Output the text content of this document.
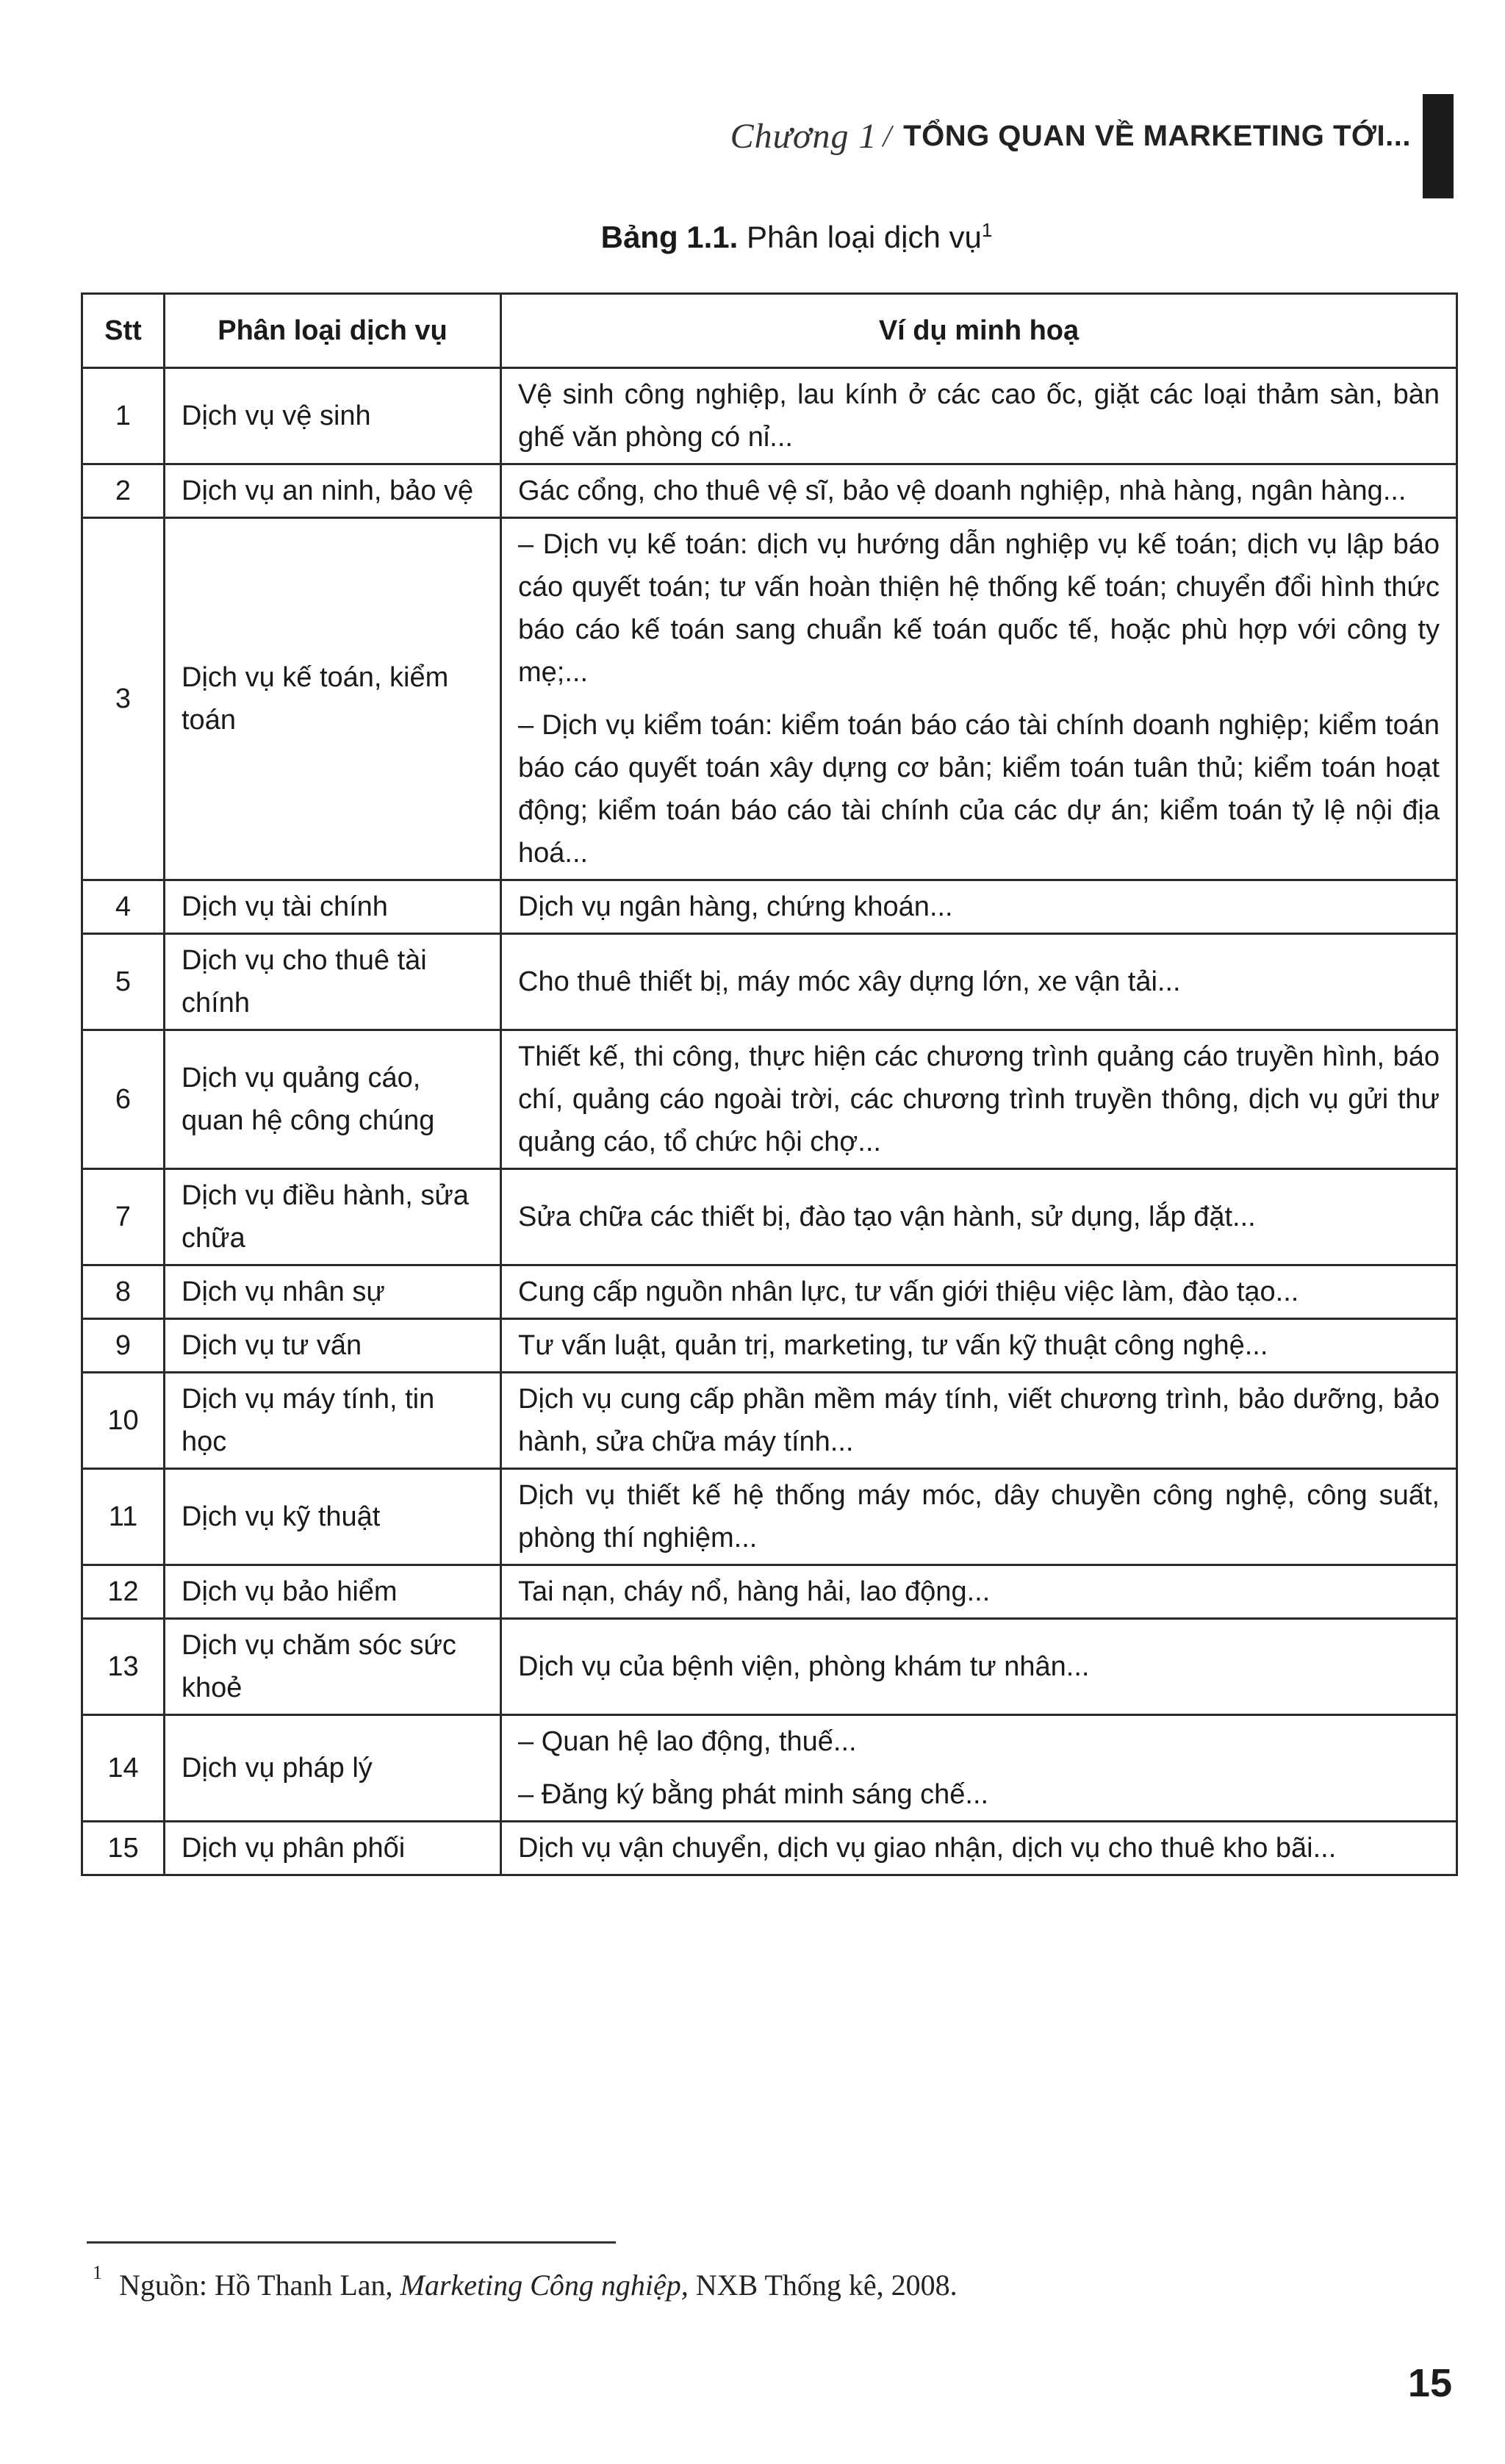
Chương 1 / TỔNG QUAN VỀ MARKETING TỚI...
Bảng 1.1. Phân loại dịch vụ$^1$
Stt	Phân loại dịch vụ	Ví dụ minh hoạ
1	Dịch vụ vệ sinh	Vệ sinh công nghiệp, lau kính ở các cao ốc, giặt các loại thảm sàn, bàn ghế văn phòng có nỉ...

2	Dịch vụ an ninh, bảo vệ	Gác cổng, cho thuê vệ sĩ, bảo vệ doanh nghiệp, nhà hàng, ngân hàng...

3	Dịch vụ kế toán, kiểm toán	– Dịch vụ kế toán: dịch vụ hướng dẫn nghiệp vụ kế toán; dịch vụ lập báo cáo quyết toán; tư vấn hoàn thiện hệ thống kế toán; chuyển đổi hình thức báo cáo kế toán sang chuẩn kế toán quốc tế, hoặc phù hợp với công ty mẹ;...
– Dịch vụ kiểm toán: kiểm toán báo cáo tài chính doanh nghiệp; kiểm toán báo cáo quyết toán xây dựng cơ bản; kiểm toán tuân thủ; kiểm toán hoạt động; kiểm toán báo cáo tài chính của các dự án; kiểm toán tỷ lệ nội địa hoá...

4	Dịch vụ tài chính	Dịch vụ ngân hàng, chứng khoán...

5	Dịch vụ cho thuê tài chính	Cho thuê thiết bị, máy móc xây dựng lớn, xe vận tải...

6	Dịch vụ quảng cáo, quan hệ công chúng	Thiết kế, thi công, thực hiện các chương trình quảng cáo truyền hình, báo chí, quảng cáo ngoài trời, các chương trình truyền thông, dịch vụ gửi thư quảng cáo, tổ chức hội chợ...

7	Dịch vụ điều hành, sửa chữa	Sửa chữa các thiết bị, đào tạo vận hành, sử dụng, lắp đặt...

8	Dịch vụ nhân sự	Cung cấp nguồn nhân lực, tư vấn giới thiệu việc làm, đào tạo...

9	Dịch vụ tư vấn	Tư vấn luật, quản trị, marketing, tư vấn kỹ thuật công nghệ...

10	Dịch vụ máy tính, tin học	Dịch vụ cung cấp phần mềm máy tính, viết chương trình, bảo dưỡng, bảo hành, sửa chữa máy tính...

11	Dịch vụ kỹ thuật	Dịch vụ thiết kế hệ thống máy móc, dây chuyền công nghệ, công suất, phòng thí nghiệm...

12	Dịch vụ bảo hiểm	Tai nạn, cháy nổ, hàng hải, lao động...

13	Dịch vụ chăm sóc sức khoẻ	Dịch vụ của bệnh viện, phòng khám tư nhân...

14	Dịch vụ pháp lý	– Quan hệ lao động, thuế...
– Đăng ký bằng phát minh sáng chế...

15	Dịch vụ phân phối	Dịch vụ vận chuyển, dịch vụ giao nhận, dịch vụ cho thuê kho bãi...
1 Nguồn: Hồ Thanh Lan, Marketing Công nghiệp, NXB Thống kê, 2008.
15
